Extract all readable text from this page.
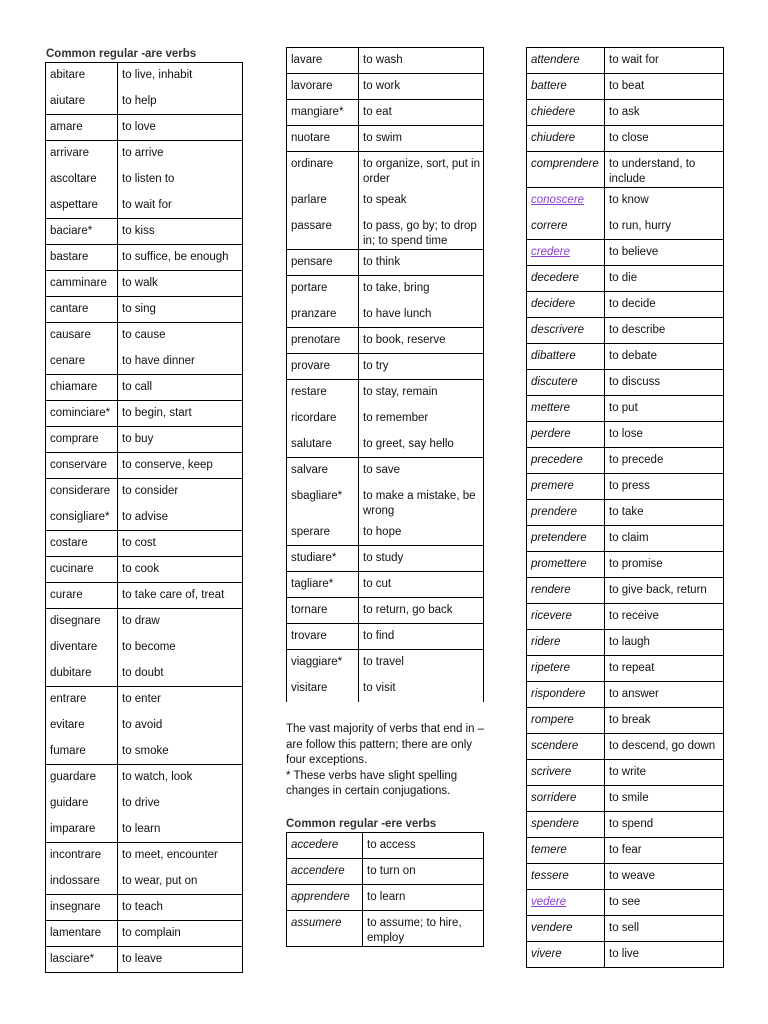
Common regular -are verbs
abitare	to live, inhabit

aiutare	to help

amare	to love

arrivare	to arrive

ascoltare	to listen to

aspettare	to wait for

baciare*	to kiss

bastare	to suffice, be enough

camminare	to walk

cantare	to sing

causare	to cause

cenare	to have dinner

chiamare	to call

cominciare*	to begin, start

comprare	to buy

conservare	to conserve, keep

considerare	to consider

consigliare*	to advise

costare	to cost

cucinare	to cook

curare	to take care of, treat

disegnare	to draw

diventare	to become

dubitare	to doubt

entrare	to enter

evitare	to avoid

fumare	to smoke

guardare	to watch, look

guidare	to drive

imparare	to learn

incontrare	to meet, encounter

indossare	to wear, put on

insegnare	to teach

lamentare	to complain

lasciare*	to leave
lavare	to wash

lavorare	to work

mangiare*	to eat

nuotare	to swim

ordinare	to organize, sort, put in order

parlare	to speak

passare	to pass, go by; to drop in; to spend time

pensare	to think

portare	to take, bring

pranzare	to have lunch

prenotare	to book, reserve

provare	to try

restare	to stay, remain

ricordare	to remember

salutare	to greet, say hello

salvare	to save

sbagliare*	to make a mistake, be wrong

sperare	to hope

studiare*	to study

tagliare*	to cut

tornare	to return, go back

trovare	to find

viaggiare*	to travel

visitare	to visit

The vast majority of verbs that end in –are follow this pattern; there are only four exceptions.

* These verbs have slight spelling changes in certain conjugations.

Common regular -ere verbs
accedere	to access

accendere	to turn on

apprendere	to learn

assumere	to assume; to hire, employ
attendere	to wait for

battere	to beat

chiedere	to ask

chiudere	to close

comprendere	to understand, to include

conoscere	to know

correre	to run, hurry

credere	to believe

decedere	to die

decidere	to decide

descrivere	to describe

dibattere	to debate

discutere	to discuss

mettere	to put

perdere	to lose

precedere	to precede

premere	to press

prendere	to take

pretendere	to claim

promettere	to promise

rendere	to give back, return

ricevere	to receive

ridere	to laugh

ripetere	to repeat

rispondere	to answer

rompere	to break

scendere	to descend, go down

scrivere	to write

sorridere	to smile

spendere	to spend

temere	to fear

tessere	to weave

vedere	to see

vendere	to sell

vivere	to live
